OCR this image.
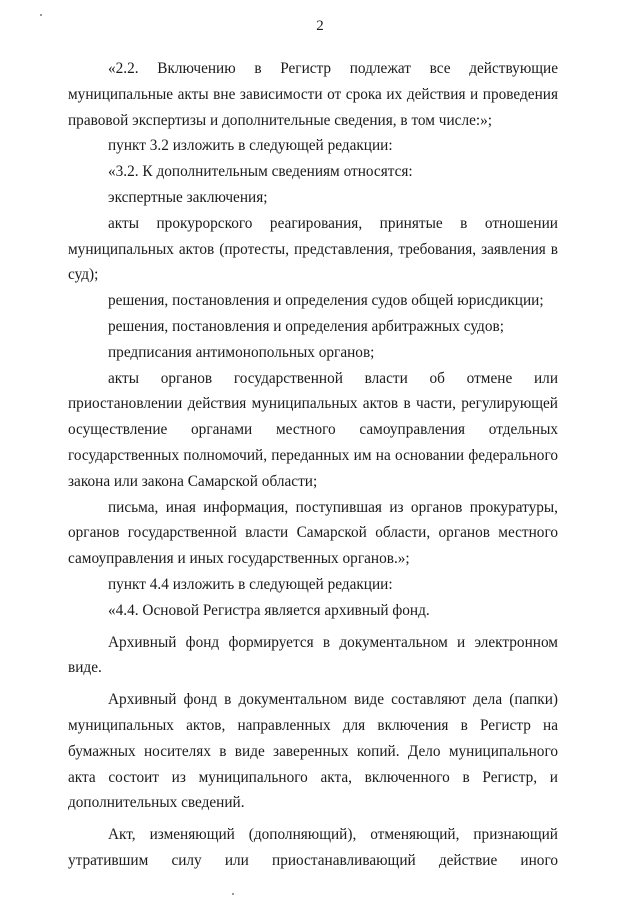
2

«2.2. Включению в Регистр подлежат все действующие муниципальные акты вне зависимости от срока их действия и проведения правовой экспертизы и дополнительные сведения, в том числе:»;

пункт 3.2 изложить в следующей редакции:

«3.2. К дополнительным сведениям относятся:

экспертные заключения;

акты прокурорского реагирования, принятые в отношении муниципальных актов (протесты, представления, требования, заявления в суд);

решения, постановления и определения судов общей юрисдикции;

решения, постановления и определения арбитражных судов;

предписания антимонопольных органов;

акты органов государственной власти об отмене или приостановлении действия муниципальных актов в части, регулирующей осуществление органами местного самоуправления отдельных государственных полномочий, переданных им на основании федерального закона или закона Самарской области;

письма, иная информация, поступившая из органов прокуратуры, органов государственной власти Самарской области, органов местного самоуправления и иных государственных органов.»;

пункт 4.4 изложить в следующей редакции:

«4.4. Основой Регистра является архивный фонд.

Архивный фонд формируется в документальном и электронном виде.

Архивный фонд в документальном виде составляют дела (папки) муниципальных актов, направленных для включения в Регистр на бумажных носителях в виде заверенных копий. Дело муниципального акта состоит из муниципального акта, включенного в Регистр, и дополнительных сведений.

Акт, изменяющий (дополняющий), отменяющий, признающий утратившим силу или приостанавливающий действие иного
